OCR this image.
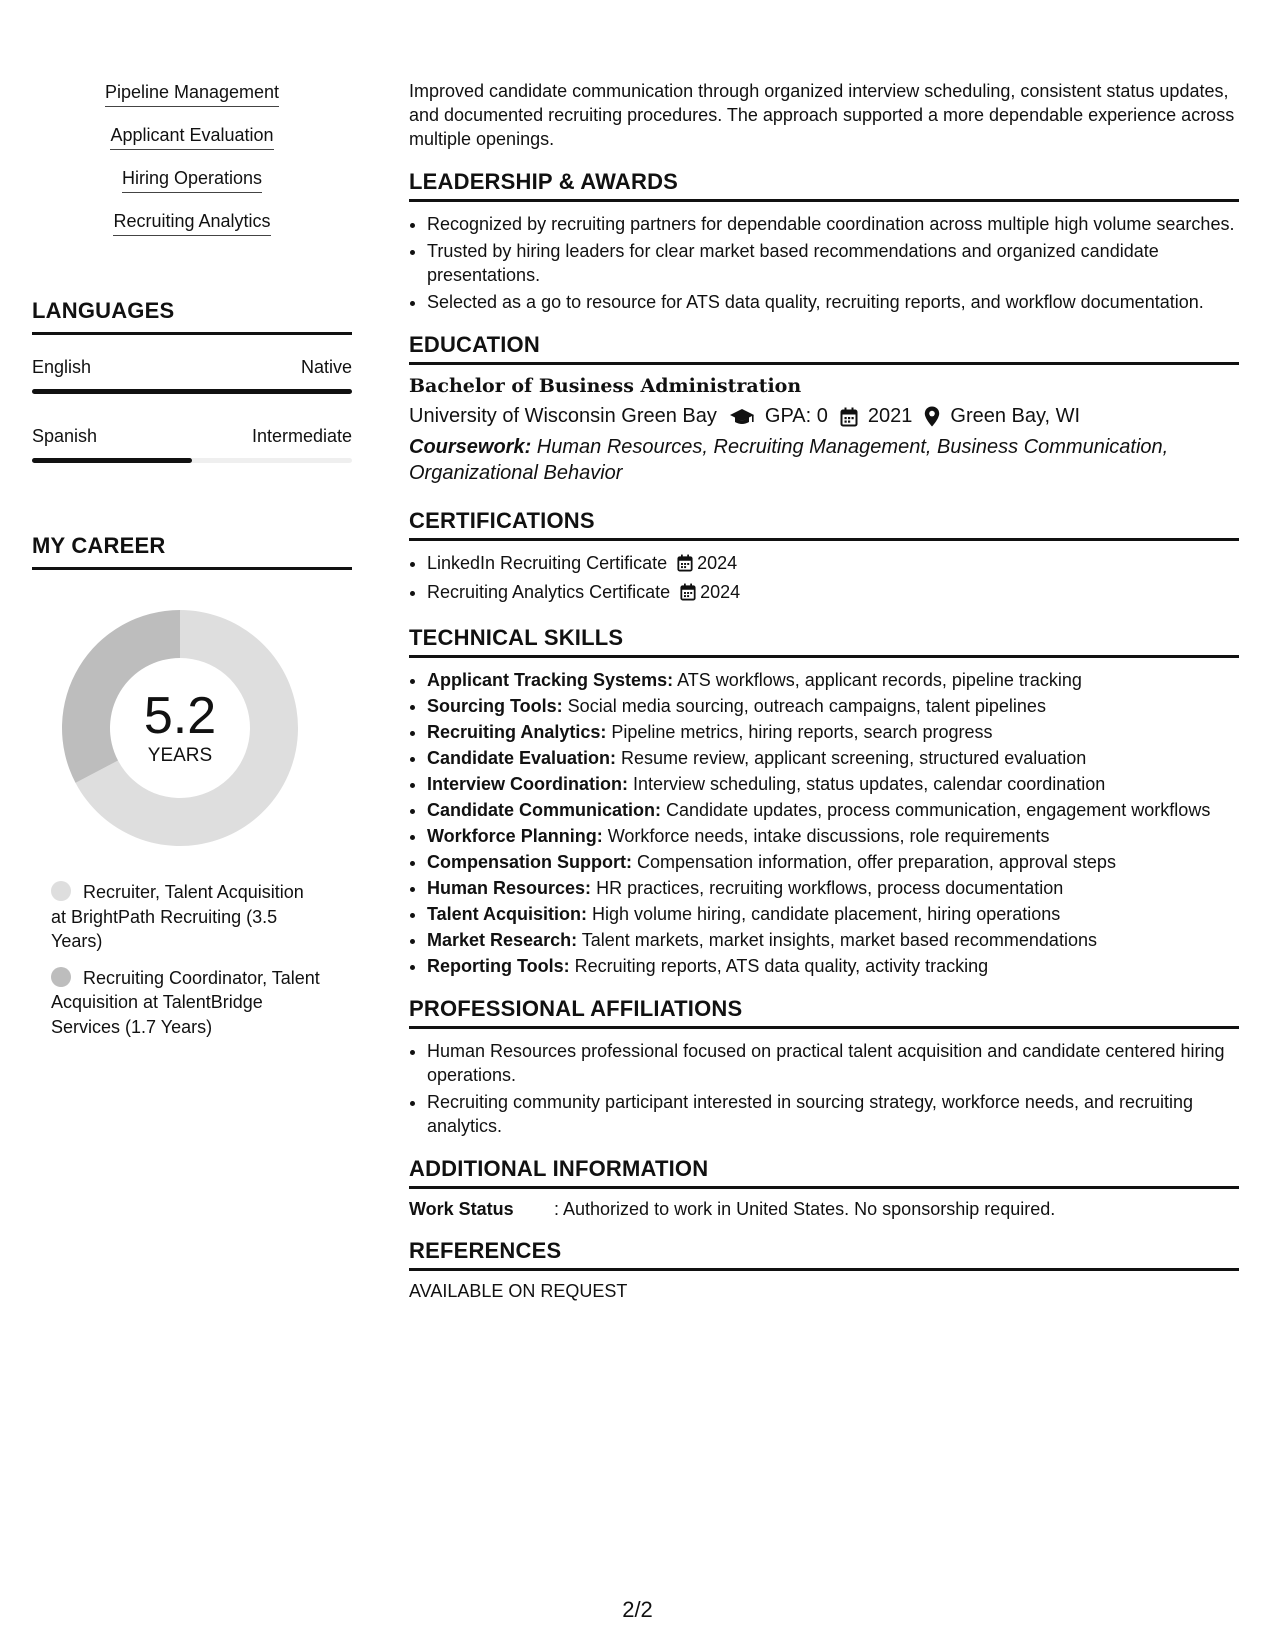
Pipeline Management
Applicant Evaluation
Hiring Operations
Recruiting Analytics
LANGUAGES
English	Native
Spanish	Intermediate
MY CAREER
5.2
YEARS
Recruiter, Talent Acquisition at BrightPath Recruiting (3.5 Years)
Recruiting Coordinator, Talent Acquisition at TalentBridge Services (1.7 Years)

Improved candidate communication through organized interview scheduling, consistent status updates, and documented recruiting procedures. The approach supported a more dependable experience across multiple openings.

LEADERSHIP & AWARDS
• Recognized by recruiting partners for dependable coordination across multiple high volume searches.
• Trusted by hiring leaders for clear market based recommendations and organized candidate presentations.
• Selected as a go to resource for ATS data quality, recruiting reports, and workflow documentation.
EDUCATION
Bachelor of Business Administration
University of Wisconsin Green Bay GPA: 0 2021 Green Bay, WI
Coursework: Human Resources, Recruiting Management, Business Communication, Organizational Behavior
CERTIFICATIONS
• LinkedIn Recruiting Certificate 2024
• Recruiting Analytics Certificate 2024
TECHNICAL SKILLS
• Applicant Tracking Systems: ATS workflows, applicant records, pipeline tracking
• Sourcing Tools: Social media sourcing, outreach campaigns, talent pipelines
• Recruiting Analytics: Pipeline metrics, hiring reports, search progress
• Candidate Evaluation: Resume review, applicant screening, structured evaluation
• Interview Coordination: Interview scheduling, status updates, calendar coordination
• Candidate Communication: Candidate updates, process communication, engagement workflows
• Workforce Planning: Workforce needs, intake discussions, role requirements
• Compensation Support: Compensation information, offer preparation, approval steps
• Human Resources: HR practices, recruiting workflows, process documentation
• Talent Acquisition: High volume hiring, candidate placement, hiring operations
• Market Research: Talent markets, market insights, market based recommendations
• Reporting Tools: Recruiting reports, ATS data quality, activity tracking
PROFESSIONAL AFFILIATIONS
• Human Resources professional focused on practical talent acquisition and candidate centered hiring operations.
• Recruiting community participant interested in sourcing strategy, workforce needs, and recruiting analytics.
ADDITIONAL INFORMATION
Work Status	: Authorized to work in United States. No sponsorship required.
REFERENCES
AVAILABLE ON REQUEST
2/2
